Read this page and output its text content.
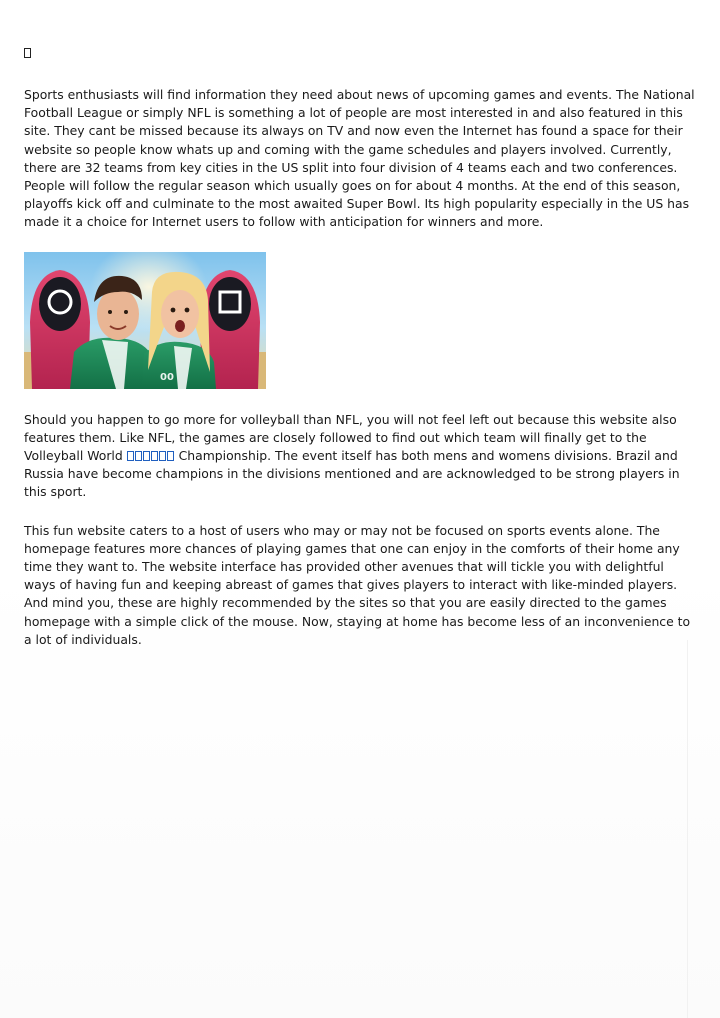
Sports enthusiasts will find information they need about news of upcoming games and events. The National Football League or simply NFL is something a lot of people are most interested in and also featured in this site. They cant be missed because its always on TV and now even the Internet has found a space for their website so people know whats up and coming with the game schedules and players involved. Currently, there are 32 teams from key cities in the US split into four division of 4 teams each and two conferences. People will follow the regular season which usually goes on for about 4 months. At the end of this season, playoffs kick off and culminate to the most awaited Super Bowl. Its high popularity especially in the US has made it a choice for Internet users to follow with anticipation for winners and more.

00

Should you happen to go more for volleyball than NFL, you will not feel left out because this website also features them. Like NFL, the games are closely followed to find out which team will finally get to the Volleyball World	Championship. The event itself has both mens and womens divisions. Brazil and Russia have become champions in the divisions mentioned and are acknowledged to be strong players in this sport.

This fun website caters to a host of users who may or may not be focused on sports events alone. The homepage features more chances of playing games that one can enjoy in the comforts of their home any time they want to. The website interface has provided other avenues that will tickle you with delightful ways of having fun and keeping abreast of games that gives players to interact with like-minded players. And mind you, these are highly recommended by the sites so that you are easily directed to the games homepage with a simple click of the mouse. Now, staying at home has become less of an inconvenience to a lot of individuals.
